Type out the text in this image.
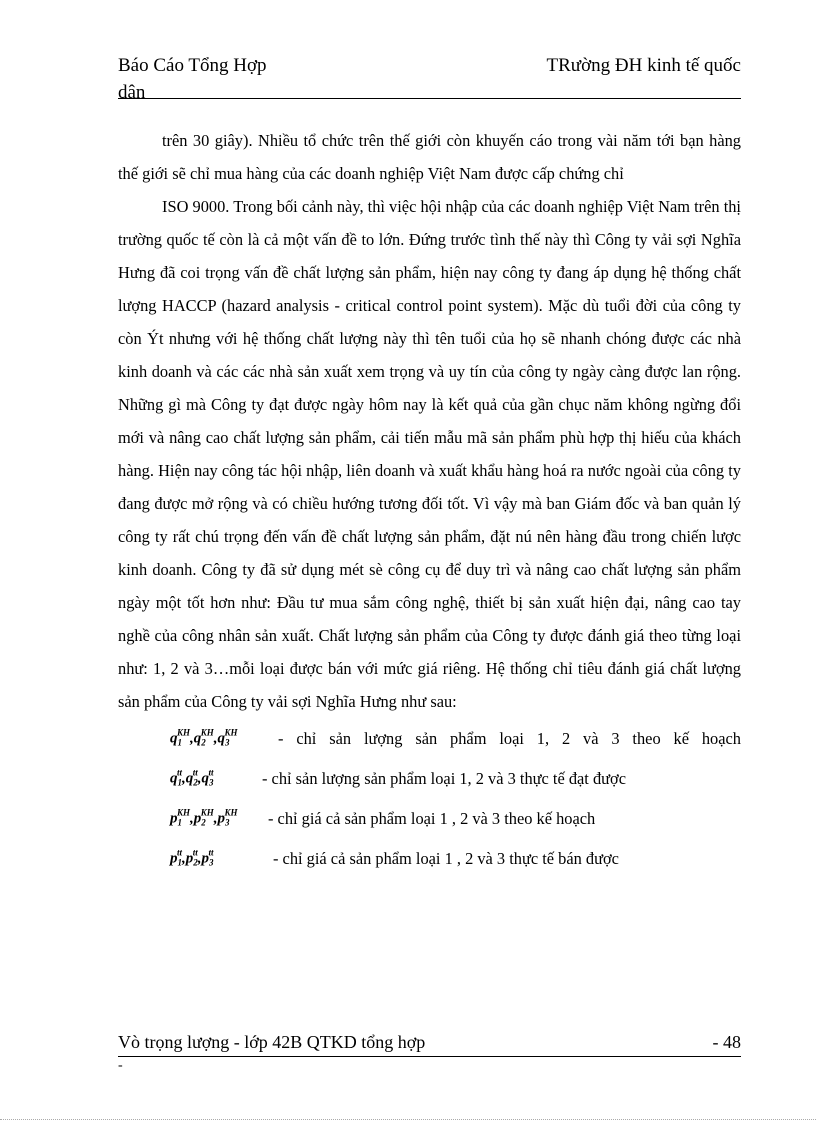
Báo Cáo Tổng Hợp	TRường ĐH kinh tế quốc
dân

trên 30 giây). Nhiều tổ chức trên thế giới còn khuyến cáo trong vài năm tới bạn hàng thế giới sẽ chỉ mua hàng của các doanh nghiệp Việt Nam được cấp chứng chỉ

ISO 9000. Trong bối cảnh này, thì việc hội nhập của các doanh nghiệp Việt Nam trên thị trường quốc tế còn là cả một vấn đề to lớn. Đứng trước tình thế này thì Công ty vải sợi Nghĩa Hưng đã coi trọng vấn đề chất lượng sản phẩm, hiện nay công ty đang áp dụng hệ thống chất lượng HACCP (hazard analysis - critical control point system). Mặc dù tuổi đời của công ty còn Ýt nhưng với hệ thống chất lượng này thì tên tuổi của họ sẽ nhanh chóng được các nhà kinh doanh và các các nhà sản xuất xem trọng và uy tín của công ty ngày càng được lan rộng. Những gì mà Công ty đạt được ngày hôm nay là kết quả của gần chục năm không ngừng đổi mới và nâng cao chất lượng sản phẩm, cải tiến mẫu mã sản phẩm phù hợp thị hiếu của khách hàng. Hiện nay công tác hội nhập, liên doanh và xuất khẩu hàng hoá ra nước ngoài của công ty đang được mở rộng và có chiều hướng tương đối tốt. Vì vậy mà ban Giám đốc và ban quản lý công ty rất chú trọng đến vấn đề chất lượng sản phẩm, đặt nú nên hàng đầu trong chiến lược kinh doanh. Công ty đã sử dụng mét sè công cụ để duy trì và nâng cao chất lượng sản phẩm ngày một tốt hơn như: Đầu tư mua sắm công nghệ, thiết bị sản xuất hiện đại, nâng cao tay nghề của công nhân sản xuất. Chất lượng sản phẩm của Công ty được đánh giá theo từng loại như: 1, 2 và 3…mỗi loại được bán với mức giá riêng. Hệ thống chỉ tiêu đánh giá chất lượng sản phẩm của Công ty vải sợi Nghĩa Hưng như sau:

$q_1^{KH},q_2^{KH},q_3^{KH}$ - chỉ sản lượng sản phẩm loại 1, 2 và 3 theo kế hoạch
$q_1^{tt},q_2^{tt},q_3^{tt}$	- chỉ sản lượng sản phẩm loại 1, 2 và 3 thực tế đạt được
$p_1^{KH},p_2^{KH},p_3^{KH}$ - chỉ giá cả sản phẩm loại 1 , 2 và 3 theo kế hoạch
$p_1^{tt},p_2^{tt},p_3^{tt}$	- chỉ giá cả sản phẩm loại 1 , 2 và 3 thực tế bán được
Vò trọng lượng - lớp 42B QTKD tổng hợp	- 48
-
